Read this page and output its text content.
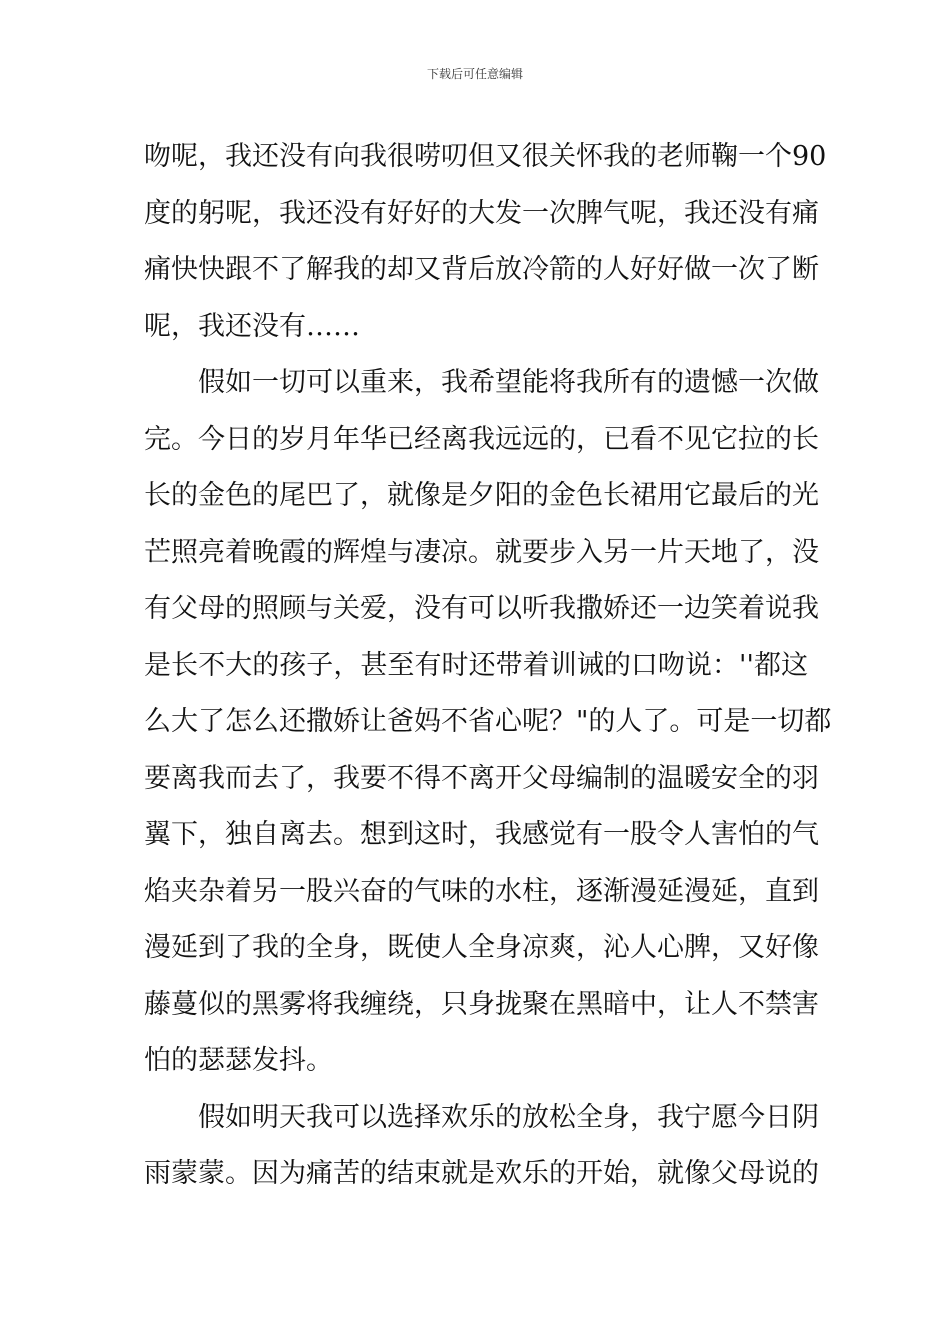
下载后可任意编辑
吻呢，我还没有向我很唠叨但又很关怀我的老师鞠一个90
度的躬呢，我还没有好好的大发一次脾气呢，我还没有痛
痛快快跟不了解我的却又背后放冷箭的人好好做一次了断
呢，我还没有……
假如一切可以重来，我希望能将我所有的遗憾一次做
完。今日的岁月年华已经离我远远的，已看不见它拉的长
长的金色的尾巴了，就像是夕阳的金色长裙用它最后的光
芒照亮着晚霞的辉煌与凄凉。就要步入另一片天地了，没
有父母的照顾与关爱，没有可以听我撒娇还一边笑着说我
是长不大的孩子，甚至有时还带着训诫的口吻说：''都这
么大了怎么还撒娇让爸妈不省心呢？"的人了。可是一切都
要离我而去了，我要不得不离开父母编制的温暖安全的羽
翼下，独自离去。想到这时，我感觉有一股令人害怕的气
焰夹杂着另一股兴奋的气味的水柱，逐渐漫延漫延，直到
漫延到了我的全身，既使人全身凉爽，沁人心脾，又好像
藤蔓似的黑雾将我缠绕，只身拢聚在黑暗中，让人不禁害
怕的瑟瑟发抖。
假如明天我可以选择欢乐的放松全身，我宁愿今日阴
雨蒙蒙。因为痛苦的结束就是欢乐的开始，就像父母说的
